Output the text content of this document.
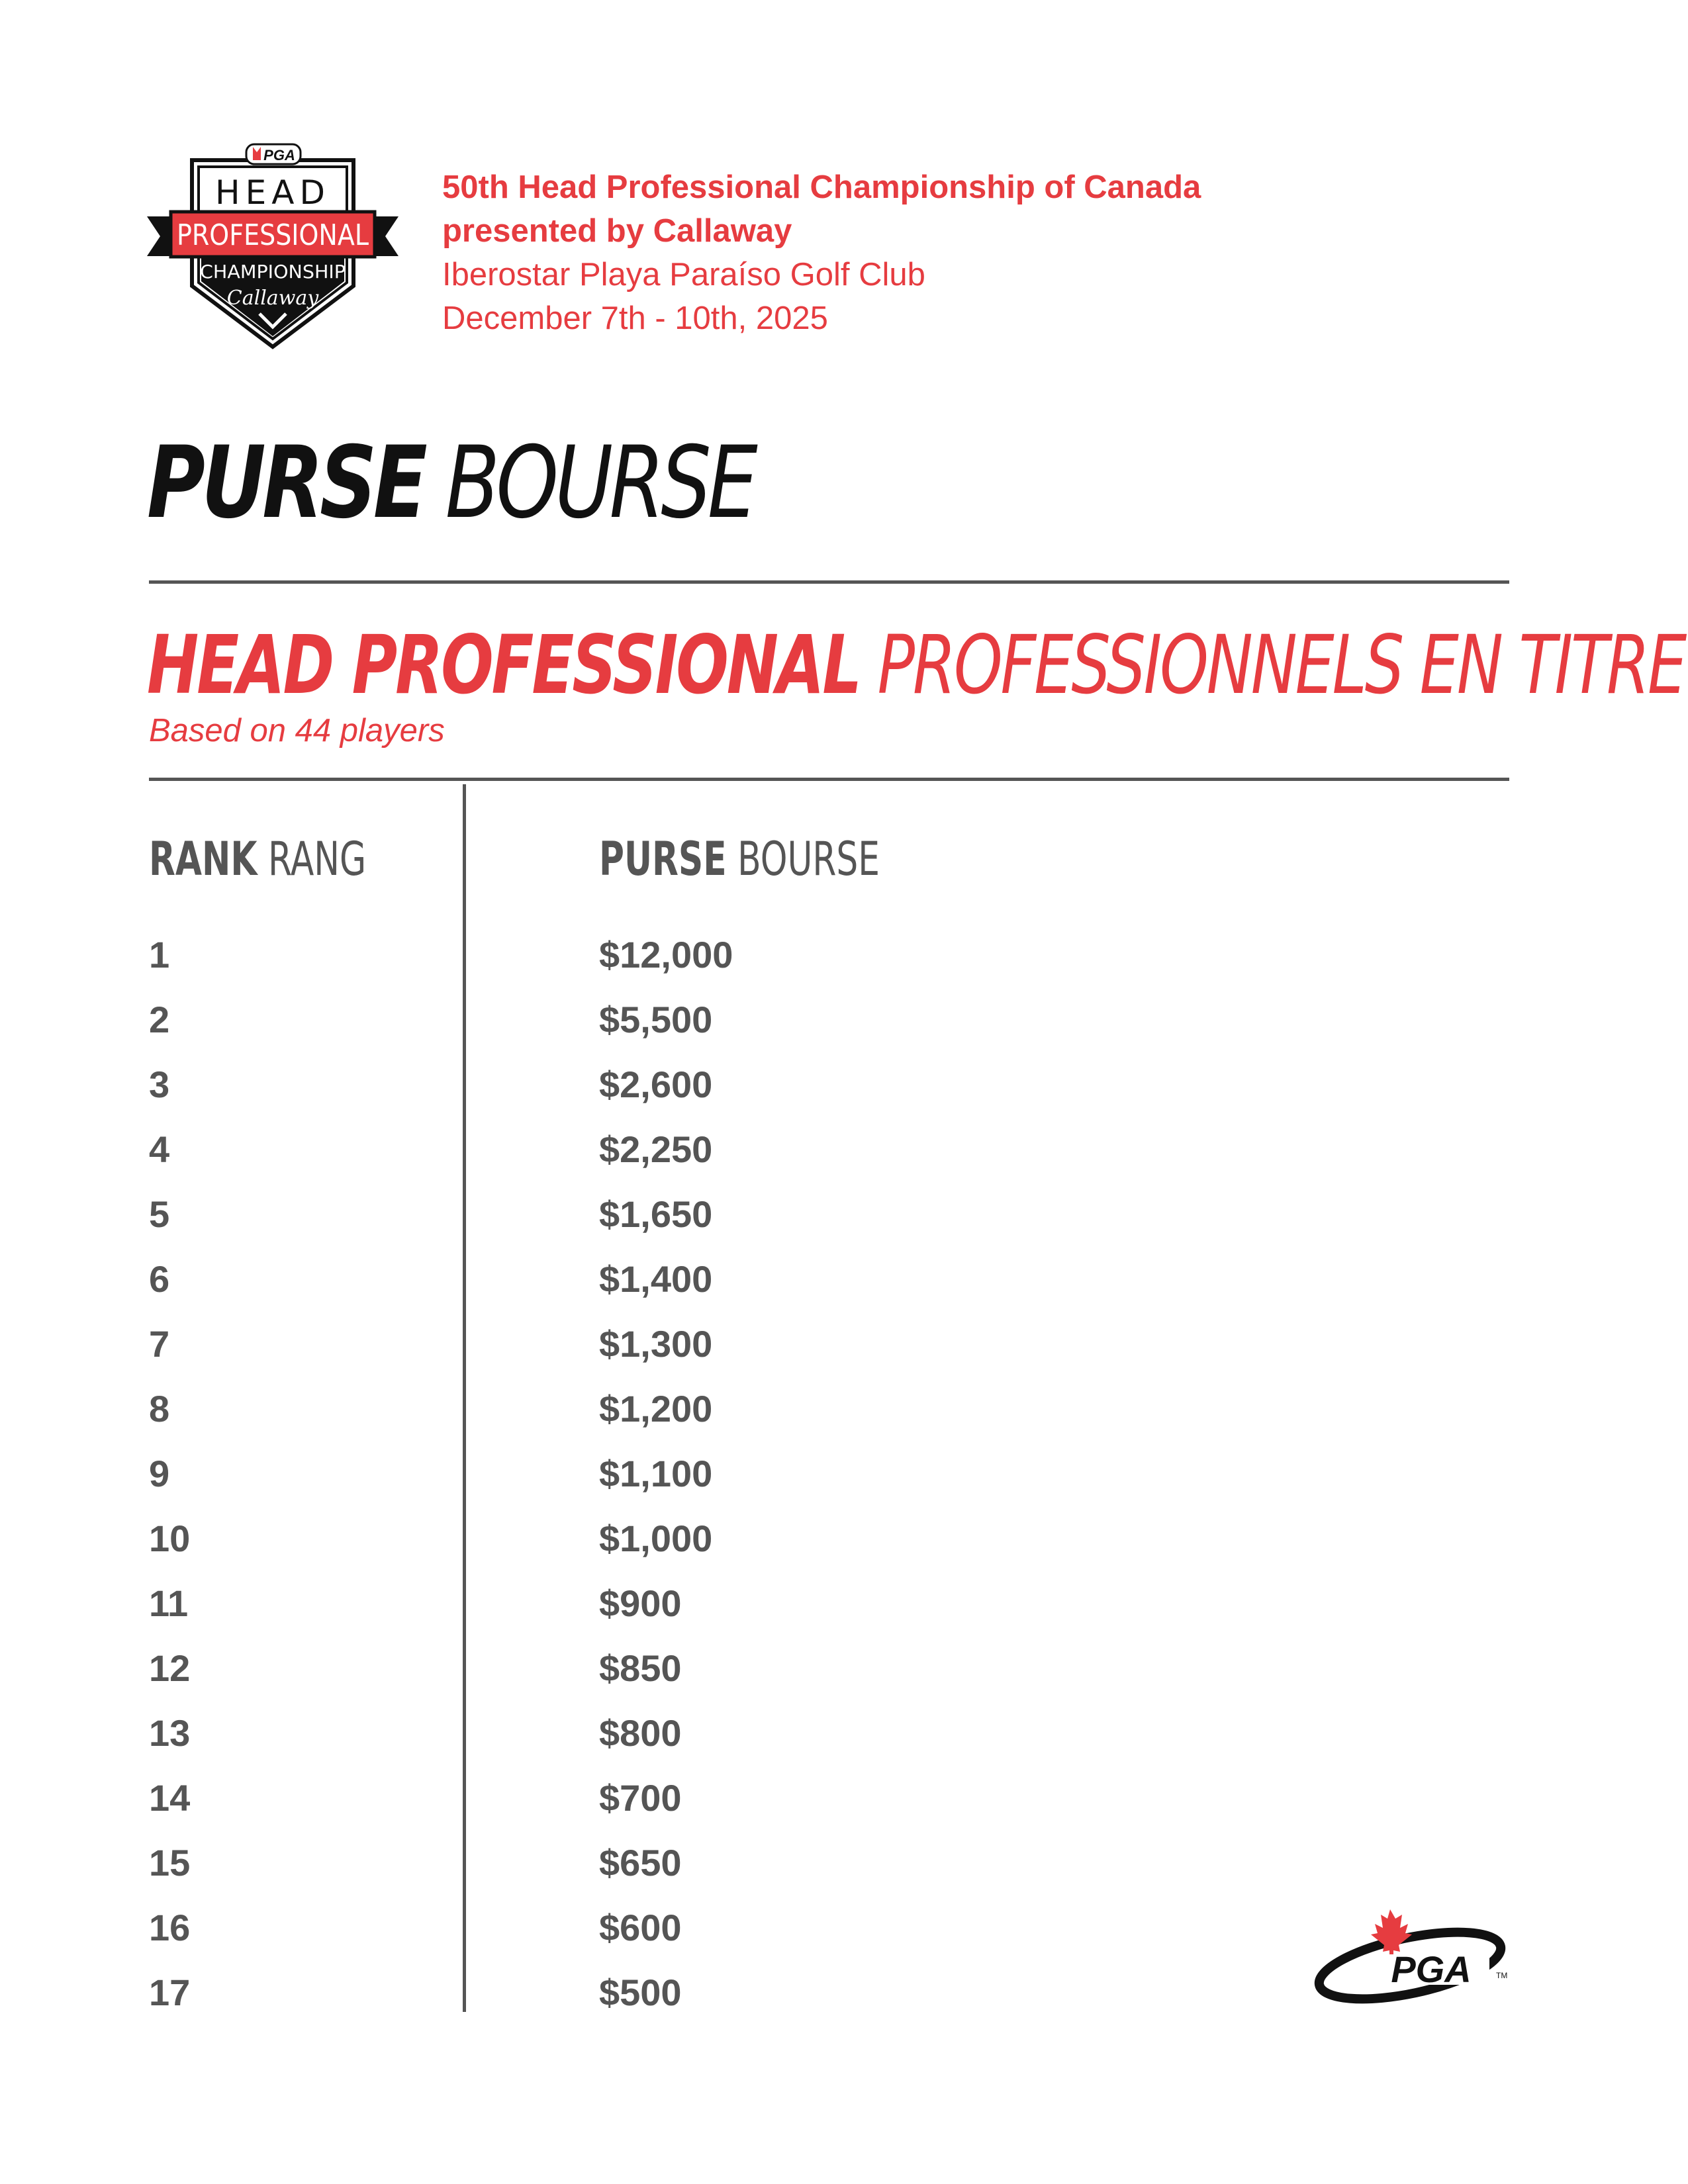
PGA
HEAD
PROFESSIONAL
CHAMPIONSHIP
Callaway
50th Head Professional Championship of Canada
presented by Callaway
Iberostar Playa Paraíso Golf Club
December 7th - 10th, 2025
PURSE BOURSE
HEAD PROFESSIONAL PROFESSIONNELS EN TITRE
Based on 44 players
RANK RANG	PURSE BOURSE
1	$12,000
2	$5,500
3	$2,600
4	$2,250
5	$1,650
6	$1,400
7	$1,300
8	$1,200
9	$1,100
10	$1,000
11	$900
12	$850
13	$800
14	$700
15	$650
16	$600
17	$500
PGA	TM
